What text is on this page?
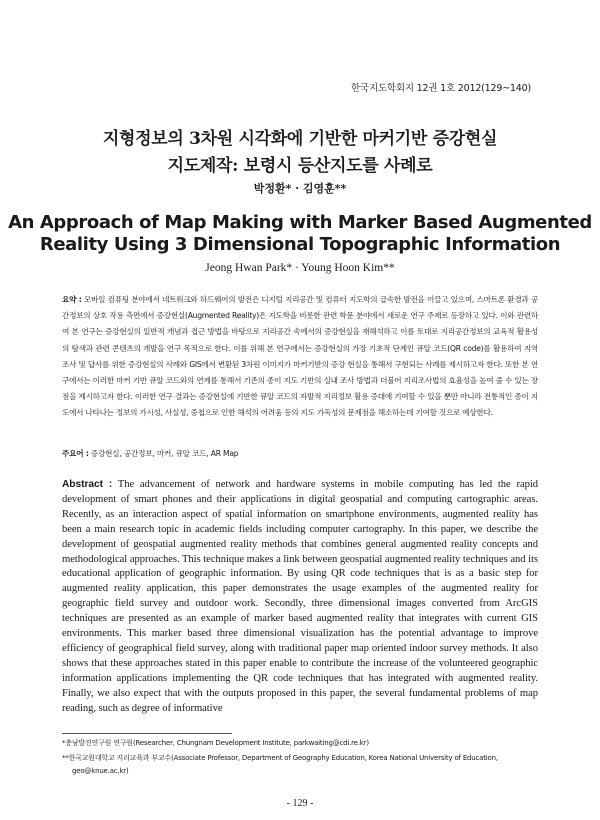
한국지도학회지 12권 1호 2012(129~140)
지형정보의 3차원 시각화에 기반한 마커기반 증강현실
지도제작: 보령시 등산지도를 사례로
박정환* · 김영훈**
An Approach of Map Making with Marker Based Augmented
Reality Using 3 Dimensional Topographic Information
Jeong Hwan Park* · Young Hoon Kim**
요약 : 모바일 컴퓨팅 분야에서 네트워크와 하드웨어의 발전은 디지털 지리공간 및 컴퓨터 지도학의 급속한 발전을 이끌고 있으며, 스마트폰 환경과 공간정보의 상호 작용 측면에서 증강현실(Augmented Reality)은 지도학을 비롯한 관련 학문 분야에서 새로운 연구 주제로 등장하고 있다. 이와 관련하여 본 연구는 증강현실의 일반적 개념과 접근 방법을 바탕으로 지리공간 속에서의 증강현실을 재해석하고 이를 토대로 지리공간정보의 교육적 활용성의 탐색과 관련 콘텐츠의 개발을 연구 목적으로 한다. 이를 위해 본 연구에서는 증강현실의 가장 기초적 단계인 큐알 코드(QR code)를 활용하여 지역 조사 및 답사를 위한 증강현실의 사례와 GIS에서 변환된 3차원 이미지가 마커기반의 증강 현실을 통해서 구현되는 사례를 제시하고자 한다. 또한 본 연구에서는 이러한 마커 기반 큐알 코드와의 연계를 통해서 기존의 종이 지도 기반의 실내 조사 방법과 더불어 지리조사법의 효율성을 높여 줄 수 있는 장점을 제시하고자 한다. 이러한 연구 결과는 증강현실에 기반한 큐알 코드의 자발적 지리정보 활용 증대에 기여할 수 있을 뿐만 아니라 전통적인 종이 지도에서 나타나는 정보의 가시성, 사실성, 중첩으로 인한 해석의 어려움 등의 지도 가독성의 문제점을 해소하는데 기여할 것으로 예상한다.
주요어 : 증강현실, 공간정보, 마커, 큐알 코드, AR Map
Abstract : The advancement of network and hardware systems in mobile computing has led the rapid development of smart phones and their applications in digital geospatial and computing cartographic areas. Recently, as an interaction aspect of spatial information on smartphone environments, augmented reality has been a main research topic in academic fields including computer cartography. In this paper, we describe the development of geospatial augmented reality methods that combines general augmented reality concepts and methodological approaches. This technique makes a link between geospatial augmented reality techniques and its educational application of geographic information. By using QR code techniques that is as a basic step for augmented reality application, this paper demonstrates the usage examples of the augmented reality for geographic field survey and outdoor work. Secondly, three dimensional images converted from ArcGIS techniques are presented as an example of marker based augmented reality that integrates with current GIS environments. This marker based three dimensional visualization has the potential advantage to improve efficiency of geographical field survey, along with traditional paper map oriented indoor survey methods. It also shows that these approaches stated in this paper enable to contribute the increase of the volunteered geographic information applications implementing the QR code techniques that has integrated with augmented reality. Finally, we also expect that with the outputs proposed in this paper, the several fundamental problems of map reading, such as degree of informative
*충남발전연구원 연구원(Researcher, Chungnam Development Institute, parkwaiting@cdi.re.kr)
**한국교원대학교 지리교육과 부교수(Associate Professor, Department of Geography Education, Korea National University of Education,
geo@knue.ac.kr)
- 129 -
